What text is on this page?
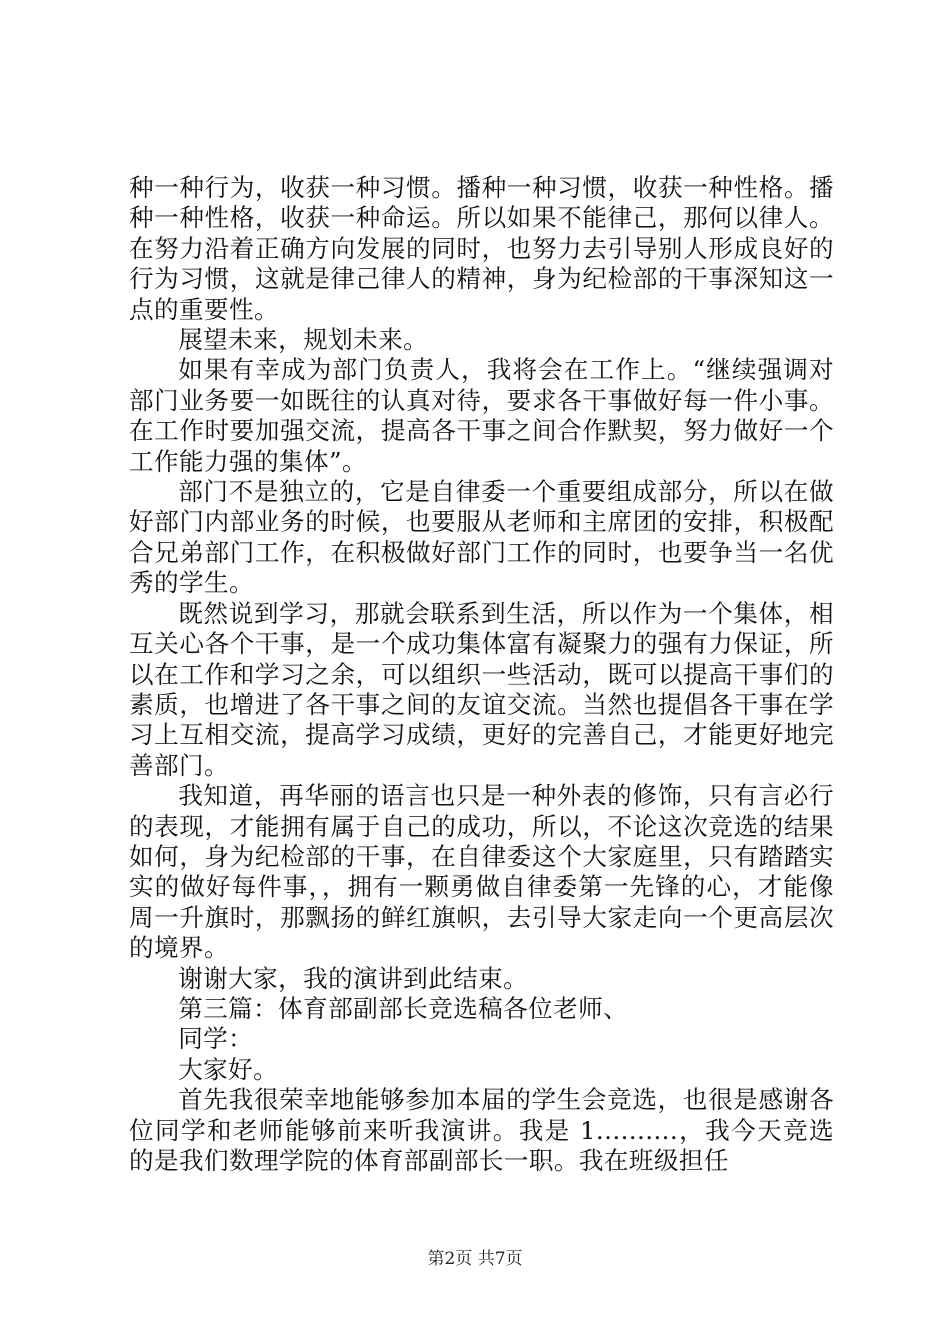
种一种行为，收获一种习惯。播种一种习惯，收获一种性格。播种一种性格，收获一种命运。所以如果不能律己，那何以律人。在努力沿着正确方向发展的同时，也努力去引导别人形成良好的行为习惯，这就是律己律人的精神，身为纪检部的干事深知这一点的重要性。

展望未来，规划未来。

如果有幸成为部门负责人，我将会在工作上。“继续强调对部门业务要一如既往的认真对待，要求各干事做好每一件小事。在工作时要加强交流，提高各干事之间合作默契，努力做好一个工作能力强的集体”。

部门不是独立的，它是自律委一个重要组成部分，所以在做好部门内部业务的时候，也要服从老师和主席团的安排，积极配合兄弟部门工作，在积极做好部门工作的同时，也要争当一名优秀的学生。

既然说到学习，那就会联系到生活，所以作为一个集体，相互关心各个干事，是一个成功集体富有凝聚力的强有力保证，所以在工作和学习之余，可以组织一些活动，既可以提高干事们的素质，也增进了各干事之间的友谊交流。当然也提倡各干事在学习上互相交流，提高学习成绩，更好的完善自己，才能更好地完善部门。

我知道，再华丽的语言也只是一种外表的修饰，只有言必行的表现，才能拥有属于自己的成功，所以，不论这次竞选的结果如何，身为纪检部的干事，在自律委这个大家庭里，只有踏踏实实的做好每件事，，拥有一颗勇做自律委第一先锋的心，才能像周一升旗时，那飘扬的鲜红旗帜，去引导大家走向一个更高层次的境界。

谢谢大家，我的演讲到此结束。

第三篇：体育部副部长竞选稿各位老师、

同学：

大家好。

首先我很荣幸地能够参加本届的学生会竞选，也很是感谢各位同学和老师能够前来听我演讲。我是 1..........，我今天竞选的是我们数理学院的体育部副部长一职。我在班级担任

第2页 共7页
